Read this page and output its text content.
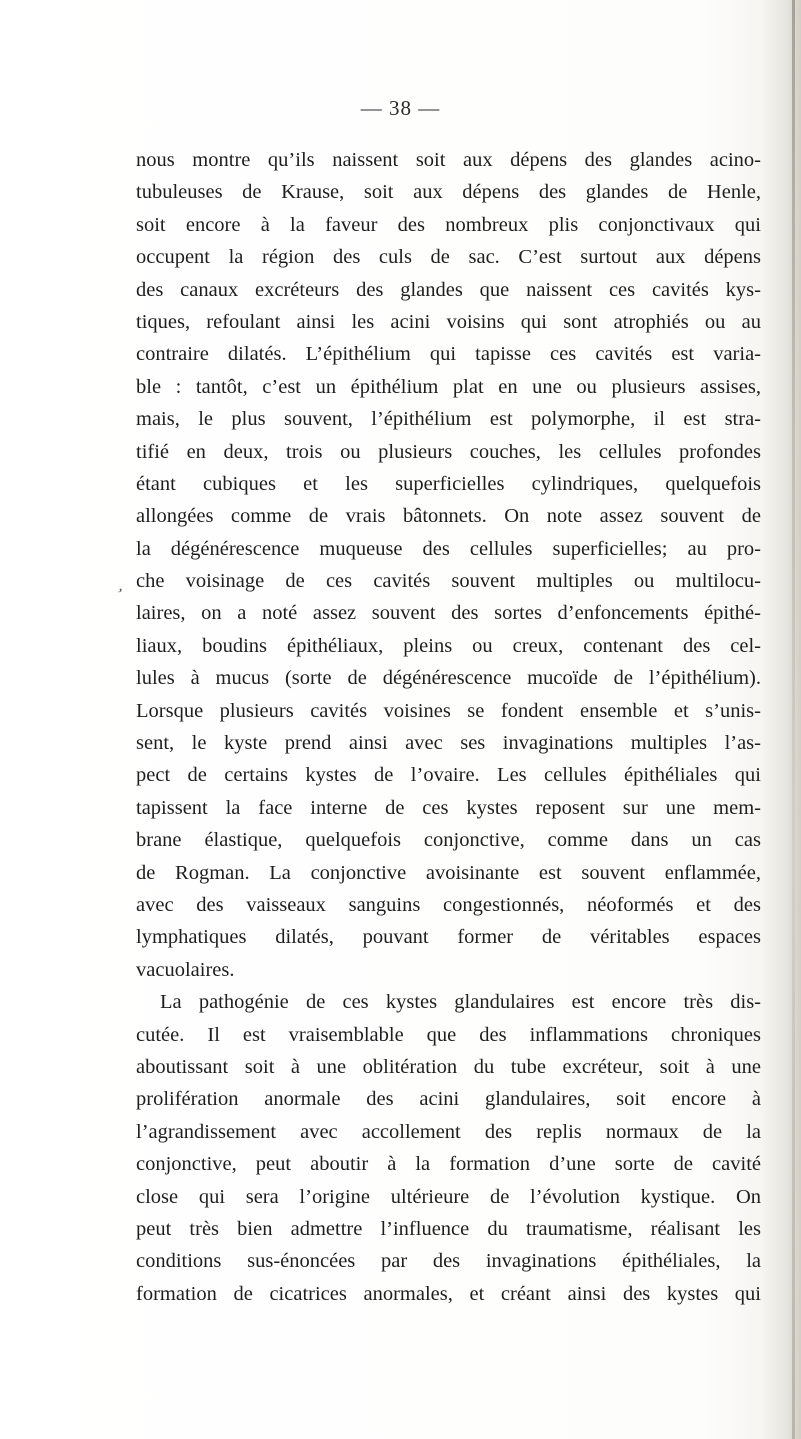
— 38 —
’
nous montre qu’ils naissent soit aux dépens des glandes acino-
tubuleuses de Krause, soit aux dépens des glandes de Henle,
soit encore à la faveur des nombreux plis conjonctivaux qui
occupent la région des culs de sac. C’est surtout aux dépens
des canaux excréteurs des glandes que naissent ces cavités kys-
tiques, refoulant ainsi les acini voisins qui sont atrophiés ou au
contraire dilatés. L’épithélium qui tapisse ces cavités est varia-
ble : tantôt, c’est un épithélium plat en une ou plusieurs assises,
mais, le plus souvent, l’épithélium est polymorphe, il est stra-
tifié en deux, trois ou plusieurs couches, les cellules profondes
étant cubiques et les superficielles cylindriques, quelquefois
allongées comme de vrais bâtonnets. On note assez souvent de
la dégénérescence muqueuse des cellules superficielles; au pro-
che voisinage de ces cavités souvent multiples ou multilocu-
laires, on a noté assez souvent des sortes d’enfoncements épithé-
liaux, boudins épithéliaux, pleins ou creux, contenant des cel-
lules à mucus (sorte de dégénérescence mucoïde de l’épithélium).
Lorsque plusieurs cavités voisines se fondent ensemble et s’unis-
sent, le kyste prend ainsi avec ses invaginations multiples l’as-
pect de certains kystes de l’ovaire. Les cellules épithéliales qui
tapissent la face interne de ces kystes reposent sur une mem-
brane élastique, quelquefois conjonctive, comme dans un cas
de Rogman. La conjonctive avoisinante est souvent enflammée,
avec des vaisseaux sanguins congestionnés, néoformés et des
lymphatiques dilatés, pouvant former de véritables espaces
vacuolaires.
La pathogénie de ces kystes glandulaires est encore très dis-
cutée. Il est vraisemblable que des inflammations chroniques
aboutissant soit à une oblitération du tube excréteur, soit à une
prolifération anormale des acini glandulaires, soit encore à
l’agrandissement avec accollement des replis normaux de la
conjonctive, peut aboutir à la formation d’une sorte de cavité
close qui sera l’origine ultérieure de l’évolution kystique. On
peut très bien admettre l’influence du traumatisme, réalisant les
conditions sus-énoncées par des invaginations épithéliales, la
formation de cicatrices anormales, et créant ainsi des kystes qui
